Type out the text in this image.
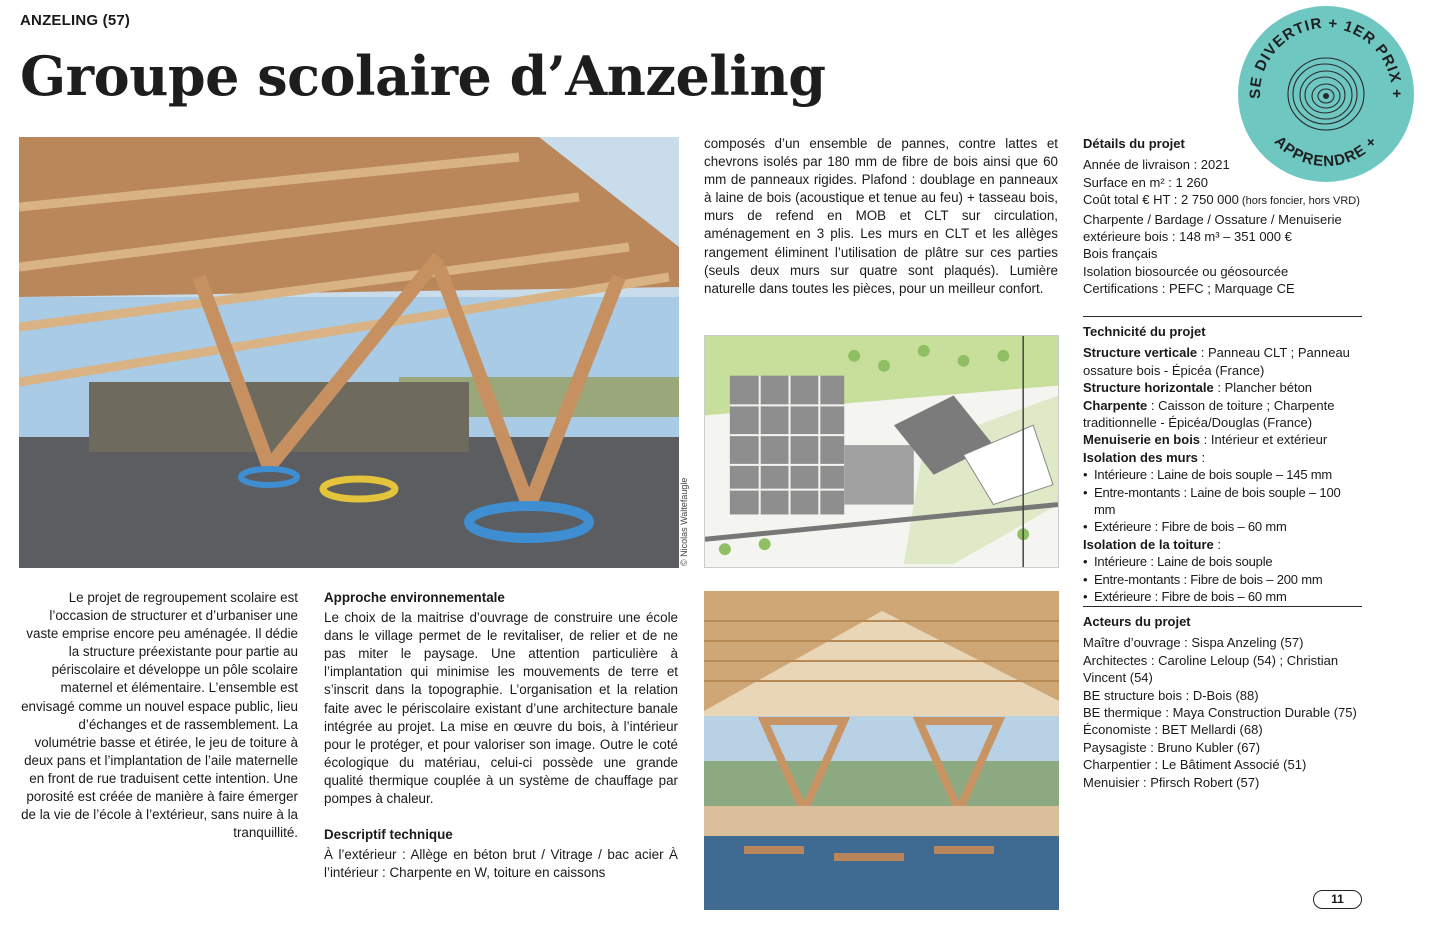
ANZELING (57)
Groupe scolaire d’Anzeling	SE DIVERTIR + 1ER PRIX +
APPRENDRE +
© Nicolas Waltefaugle
Le projet de regroupement scolaire est l’occasion de structurer et d’urbaniser une vaste emprise encore peu aménagée. Il dédie la structure préexistante pour partie au périscolaire et développe un pôle scolaire maternel et élémentaire. L’ensemble est envisagé comme un nouvel espace public, lieu d’échanges et de rassemblement. La volumétrie basse et étirée, le jeu de toiture à deux pans et l’implantation de l’aile maternelle en front de rue traduisent cette intention. Une porosité est créée de manière à faire émerger de la vie de l’école à l’extérieur, sans nuire à la tranquillité.
Approche environnementale
Le choix de la maitrise d’ouvrage de construire une école dans le village permet de le revitaliser, de relier et de ne pas miter le paysage. Une attention particulière à l’implantation qui minimise les mouvements de terre et s’inscrit dans la topographie. L’organisation et la relation faite avec le périscolaire existant d’une architecture banale intégrée au projet. La mise en œuvre du bois, à l’intérieur pour le protéger, et pour valoriser son image. Outre le coté écologique du matériau, celui-ci possède une grande qualité thermique couplée à un système de chauffage par pompes à chaleur.
Descriptif technique
À l’extérieur : Allège en béton brut / Vitrage / bac acier À l’intérieur : Charpente en W, toiture en caissons
composés d’un ensemble de pannes, contre lattes et chevrons isolés par 180 mm de fibre de bois ainsi que 60 mm de panneaux rigides. Plafond : doublage en panneaux à laine de bois (acoustique et tenue au feu) + tasseau bois, murs de refend en MOB et CLT sur circulation, aménagement en 3 plis. Les murs en CLT et les allèges rangement éliminent l’utilisation de plâtre sur ces parties (seuls deux murs sur quatre sont plaqués). Lumière naturelle dans toutes les pièces, pour un meilleur confort.
Détails du projet

Année de livraison : 2021

Surface en m² : 1 260

Coût total € HT : 2 750 000 (hors foncier, hors VRD)

Charpente / Bardage / Ossature / Menuiserie extérieure bois : 148 m³ – 351 000 €

Bois français

Isolation biosourcée ou géosourcée

Certifications : PEFC ; Marquage CE

Technicité du projet

Structure verticale : Panneau CLT ; Panneau ossature bois - Épicéa (France)

Structure horizontale : Plancher béton

Charpente : Caisson de toiture ; Charpente traditionnelle - Épicéa/Douglas (France)

Menuiserie en bois : Intérieur et extérieur

Isolation des murs :

• Intérieure : Laine de bois souple – 145 mm

• Entre-montants : Laine de bois souple – 100 mm

• Extérieure : Fibre de bois – 60 mm

Isolation de la toiture :

• Intérieure : Laine de bois souple

• Entre-montants : Fibre de bois – 200 mm

• Extérieure : Fibre de bois – 60 mm

Acteurs du projet

Maître d’ouvrage : Sispa Anzeling (57)

Architectes : Caroline Leloup (54) ; Christian Vincent (54)

BE structure bois : D-Bois (88)

BE thermique : Maya Construction Durable (75)

Économiste : BET Mellardi (68)

Paysagiste : Bruno Kubler (67)

Charpentier : Le Bâtiment Associé (51)

Menuisier : Pfirsch Robert (57)

11
